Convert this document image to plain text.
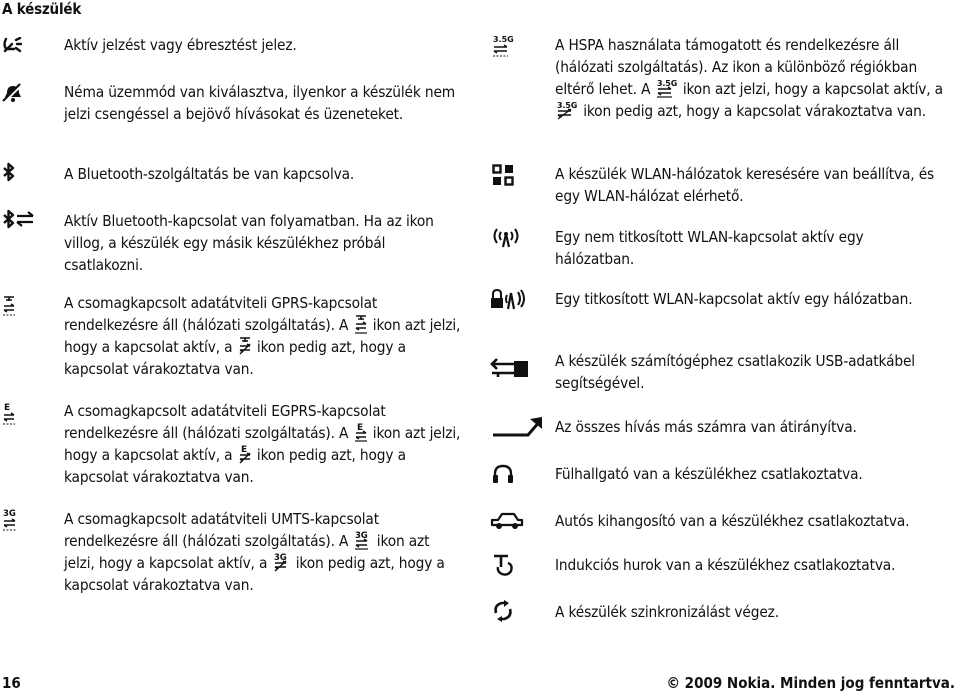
A készülék
Aktív jelzést vagy ébresztést jelez.
Néma üzemmód van kiválasztva, ilyenkor a készülék nem jelzi csengéssel a bejövő hívásokat és üzeneteket.
A Bluetooth-szolgáltatás be van kapcsolva.
Aktív Bluetooth-kapcsolat van folyamatban. Ha az ikon villog, a készülék egy másik készülékhez próbál csatlakozni.
A csomagkapcsolt adatátviteli GPRS-kapcsolat rendelkezésre áll (hálózati szolgáltatás). A ikon azt jelzi, hogy a kapcsolat aktív, a ikon pedig azt, hogy a kapcsolat várakoztatva van.
E	A csomagkapcsolt adatátviteli EGPRS-kapcsolat rendelkezésre áll (hálózati szolgáltatás). A E ikon azt jelzi, hogy a kapcsolat aktív, a E ikon pedig azt, hogy a kapcsolat várakoztatva van.
3G	A csomagkapcsolt adatátviteli UMTS-kapcsolat rendelkezésre áll (hálózati szolgáltatás). A 3G ikon azt jelzi, hogy a kapcsolat aktív, a 3G ikon pedig azt, hogy a kapcsolat várakoztatva van.
3.5G	A HSPA használata támogatott és rendelkezésre áll (hálózati szolgáltatás). Az ikon a különböző régiókban eltérő lehet. A 3.5G ikon azt jelzi, hogy a kapcsolat aktív, a
3.5G ikon pedig azt, hogy a kapcsolat várakoztatva van.
A készülék WLAN-hálózatok keresésére van beállítva, és egy WLAN-hálózat elérhető.
Egy nem titkosított WLAN-kapcsolat aktív egy hálózatban.
Egy titkosított WLAN-kapcsolat aktív egy hálózatban.
A készülék számítógéphez csatlakozik USB-adatkábel segítségével.
Az összes hívás más számra van átirányítva.
Fülhallgató van a készülékhez csatlakoztatva.
Autós kihangosító van a készülékhez csatlakoztatva.
Indukciós hurok van a készülékhez csatlakoztatva.
A készülék szinkronizálást végez.
16	© 2009 Nokia. Minden jog fenntartva.
